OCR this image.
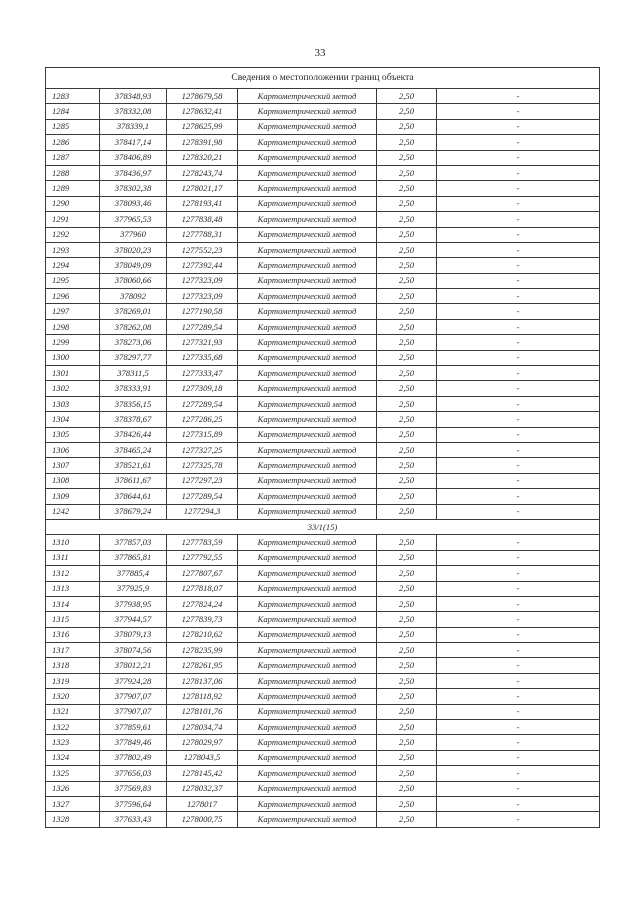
33
Сведения о местоположении границ объекта					
1283	378348,93	1278679,58	Картометрический метод	2,50	-
1284	378332,08	1278632,41	Картометрический метод	2,50	-
1285	378339,1	1278625,99	Картометрический метод	2,50	-
1286	378417,14	1278391,98	Картометрический метод	2,50	-
1287	378406,89	1278320,21	Картометрический метод	2,50	-
1288	378436,97	1278243,74	Картометрический метод	2,50	-
1289	378302,38	1278021,17	Картометрический метод	2,50	-
1290	378093,46	1278193,41	Картометрический метод	2,50	-
1291	377965,53	1277838,48	Картометрический метод	2,50	-
1292	377960	1277788,31	Картометрический метод	2,50	-
1293	378020,23	1277552,23	Картометрический метод	2,50	-
1294	378049,09	1277392,44	Картометрический метод	2,50	-
1295	378060,66	1277323,09	Картометрический метод	2,50	-
1296	378092	1277323,09	Картометрический метод	2,50	-
1297	378269,01	1277190,58	Картометрический метод	2,50	-
1298	378262,08	1277289,54	Картометрический метод	2,50	-
1299	378273,06	1277321,93	Картометрический метод	2,50	-
1300	378297,77	1277335,68	Картометрический метод	2,50	-
1301	378311,5	1277333,47	Картометрический метод	2,50	-
1302	378333,91	1277309,18	Картометрический метод	2,50	-
1303	378356,15	1277289,54	Картометрический метод	2,50	-
1304	378378,67	1277286,25	Картометрический метод	2,50	-
1305	378426,44	1277315,89	Картометрический метод	2,50	-
1306	378465,24	1277327,25	Картометрический метод	2,50	-
1307	378521,61	1277325,78	Картометрический метод	2,50	-
1308	378611,67	1277297,23	Картометрический метод	2,50	-
1309	378644,61	1277289,54	Картометрический метод	2,50	-
1242	378679,24	1277294,3	Картометрический метод	2,50	-
33/1(15)					
1310	377857,03	1277783,59	Картометрический метод	2,50	-
1311	377865,81	1277792,55	Картометрический метод	2,50	-
1312	377885,4	1277807,67	Картометрический метод	2,50	-
1313	377925,9	1277818,07	Картометрический метод	2,50	-
1314	377938,95	1277824,24	Картометрический метод	2,50	-
1315	377944,57	1277839,73	Картометрический метод	2,50	-
1316	378079,13	1278210,62	Картометрический метод	2,50	-
1317	378074,56	1278235,99	Картометрический метод	2,50	-
1318	378012,21	1278261,95	Картометрический метод	2,50	-
1319	377924,28	1278137,06	Картометрический метод	2,50	-
1320	377907,07	1278118,92	Картометрический метод	2,50	-
1321	377907,07	1278101,76	Картометрический метод	2,50	-
1322	377859,61	1278034,74	Картометрический метод	2,50	-
1323	377849,46	1278029,97	Картометрический метод	2,50	-
1324	377802,49	1278043,5	Картометрический метод	2,50	-
1325	377656,03	1278145,42	Картометрический метод	2,50	-
1326	377569,83	1278032,37	Картометрический метод	2,50	-
1327	377596,64	1278017	Картометрический метод	2,50	-
1328	377633,43	1278000,75	Картометрический метод	2,50	-
